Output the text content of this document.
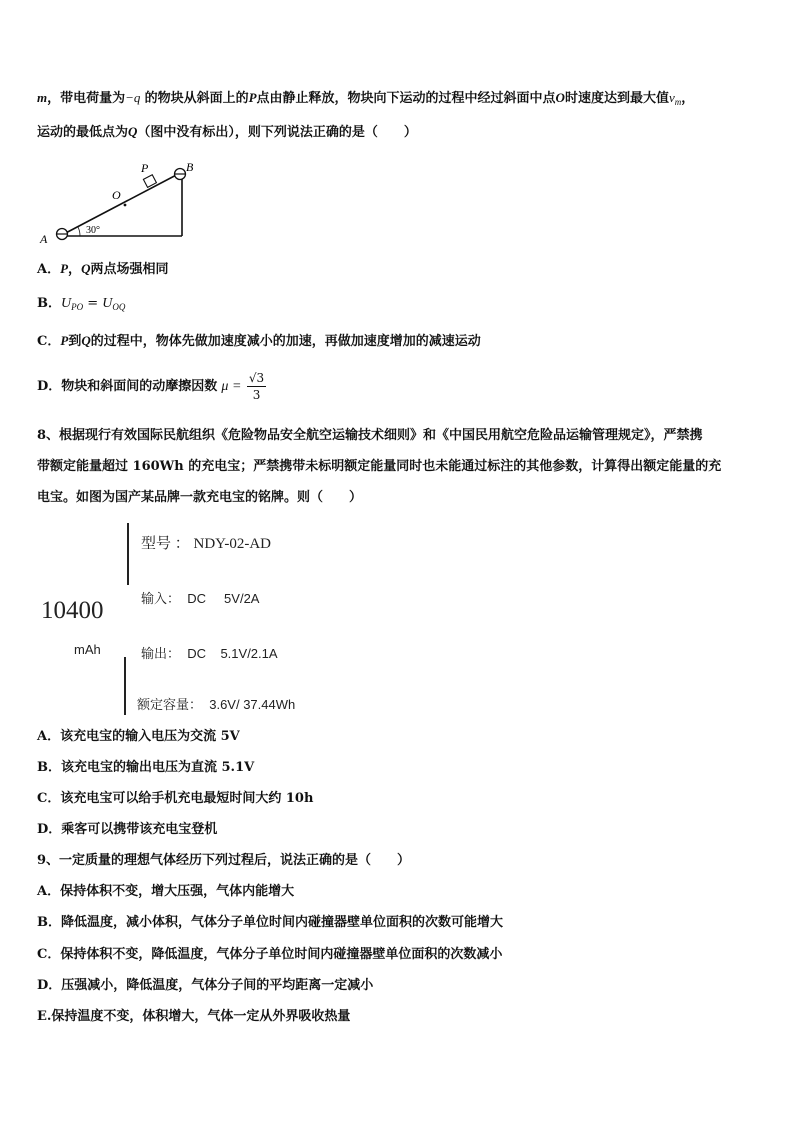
m，带电荷量为−q 的物块从斜面上的P点由静止释放，物块向下运动的过程中经过斜面中点O时速度达到最大值$v_m$，
运动的最低点为Q（图中没有标出），则下列说法正确的是（　　）
A
B
O
P
30°
A．P，Q两点场强相同
B．$U_{PO} = U_{OQ}$
C．P到Q的过程中，物体先做加速度减小的加速，再做加速度增加的减速运动
D．物块和斜面间的动摩擦因数 $\mu = \frac{√3}{3}$
8、根据现行有效国际民航组织《危险物品安全航空运输技术细则》和《中国民用航空危险品运输管理规定》，严禁携
带额定能量超过 160Wh 的充电宝；严禁携带未标明额定能量同时也未能通过标注的其他参数，计算得出额定能量的充
电宝。如图为国产某品牌一款充电宝的铭牌。则（　　）
型号 ： NDY-02-AD
10400
mAh
输入：  DC     5V/2A
输出：  DC    5.1V/2.1A
额定容量：  3.6V/ 37.44Wh
A．该充电宝的输入电压为交流 5V
B．该充电宝的输出电压为直流 5.1V
C．该充电宝可以给手机充电最短时间大约 10h
D．乘客可以携带该充电宝登机
9、一定质量的理想气体经历下列过程后，说法正确的是（　　）
A．保持体积不变，增大压强，气体内能增大
B．降低温度，减小体积，气体分子单位时间内碰撞器壁单位面积的次数可能增大
C．保持体积不变，降低温度，气体分子单位时间内碰撞器壁单位面积的次数减小
D．压强减小，降低温度，气体分子间的平均距离一定减小
E.保持温度不变，体积增大，气体一定从外界吸收热量
